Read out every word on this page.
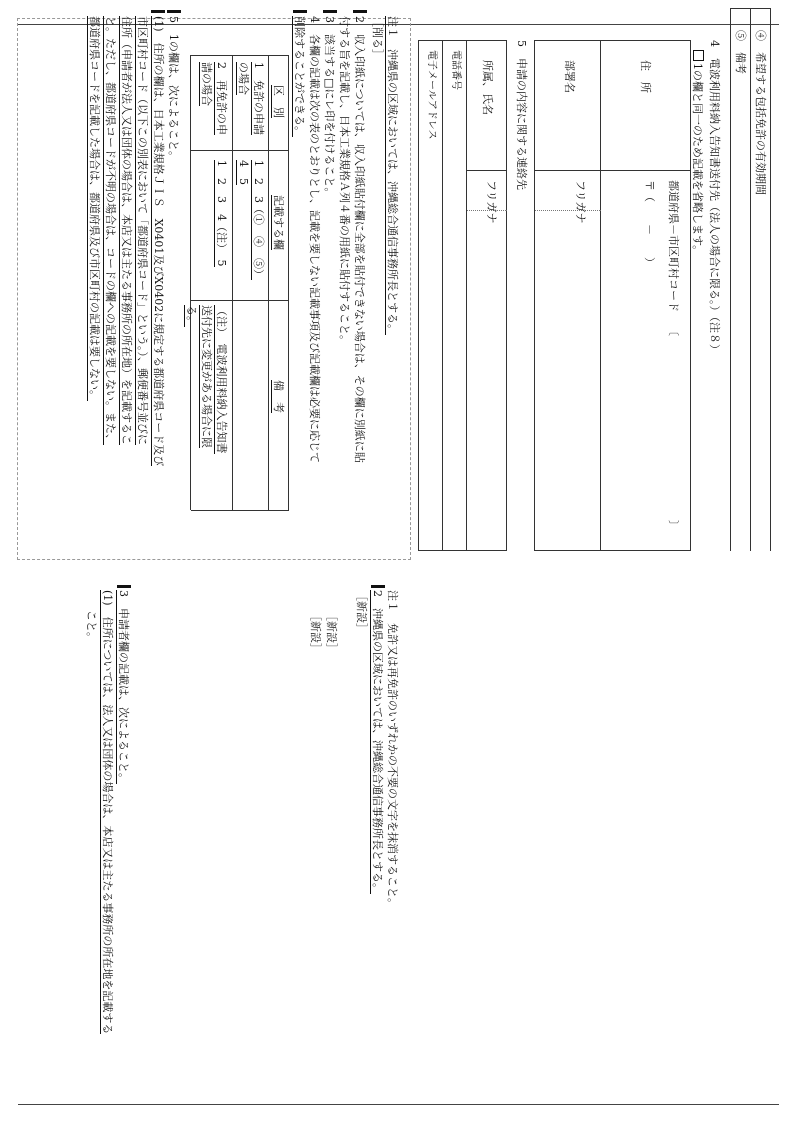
④　希望する包括免許の有効期間
⑤　備考
4　電波利用料納入告知書送付先（法人の場合に限る。）（注８）
1の欄と同一のため記載を省略します。
住　所
都道府県－市区町村コード
〔
〕
〒（　　－　　）
部署名
フリガナ
5　申請の内容に関する連絡先
所属、氏名
フリガナ
電話番号
電子メールアドレス
注１　沖縄県の区域においては、沖縄総合通信事務所長とする。
［削る］
2　収入印紙については、収入印紙貼付欄に全部を貼付できない場合は、その欄に別紙に貼
付する旨を記載し、日本工業規格Ａ列４番の用紙に貼付すること。
3　該当する□にレ印を付けること。
4　各欄の記載は次の表のとおりとし、記載を要しない記載事項及び記載欄は必要に応じて
削除することができる。
区　別
記載する欄
備　考
1　免許の申請
の場合
1　2　3（①　④　⑤）
4　5
2　再免許の申
請の場合
1　2　3　4（注）　5
（注）　電波利用料納入告知書
送付先に変更がある場合に限
る。
5　1の欄は、次によること。
(1)　住所の欄は、日本工業規格ＪＩＳ　X0401及びX0402に規定する都道府県コード及び
市区町村コード（以下この別表において「都道府県コード」という。）、郵便番号並びに
住所（申請者が法人又は団体の場合は、本店又は主たる事務所の所在地）を記載するこ
と。ただし、都道府県コードが不明の場合は、コードの欄への記載を要しない。また、
都道府県コードを記載した場合は、都道府県及び市区町村の記載は要しない。
注１　免許又は再免許のいずれかの不要の文字を抹消すること。
2　沖縄県の区域においては、沖縄総合通信事務所長とする。
［新設］
［新設］
［新設］
3　申請者欄の記載は、次によること。
(1)　住所については、法人又は団体の場合は、本店又は主たる事務所の所在地を記載する
こと。
